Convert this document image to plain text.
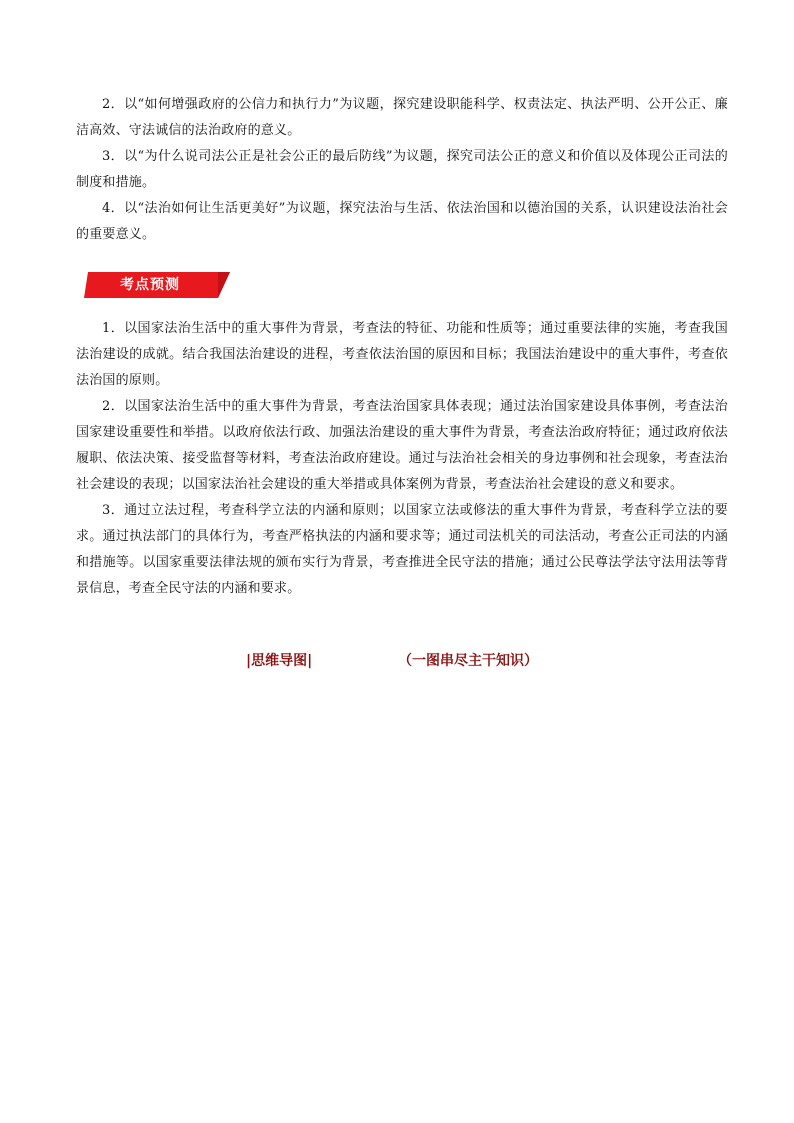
2．以“如何增强政府的公信力和执行力”为议题，探究建设职能科学、权责法定、执法严明、公开公正、廉洁高效、守法诚信的法治政府的意义。

3．以“为什么说司法公正是社会公正的最后防线”为议题，探究司法公正的意义和价值以及体现公正司法的制度和措施。

4．以“法治如何让生活更美好”为议题，探究法治与生活、依法治国和以德治国的关系，认识建设法治社会的重要意义。

考点预测

1．以国家法治生活中的重大事件为背景，考查法的特征、功能和性质等；通过重要法律的实施，考查我国法治建设的成就。结合我国法治建设的进程，考查依法治国的原因和目标；我国法治建设中的重大事件，考查依法治国的原则。

2．以国家法治生活中的重大事件为背景，考查法治国家具体表现；通过法治国家建设具体事例，考查法治国家建设重要性和举措。以政府依法行政、加强法治建设的重大事件为背景，考查法治政府特征；通过政府依法履职、依法决策、接受监督等材料，考查法治政府建设。通过与法治社会相关的身边事例和社会现象，考查法治社会建设的表现；以国家法治社会建设的重大举措或具体案例为背景，考查法治社会建设的意义和要求。

3．通过立法过程，考查科学立法的内涵和原则；以国家立法或修法的重大事件为背景，考查科学立法的要求。通过执法部门的具体行为，考查严格执法的内涵和要求等；通过司法机关的司法活动，考查公正司法的内涵和措施等。以国家重要法律法规的颁布实行为背景，考查推进全民守法的措施；通过公民尊法学法守法用法等背景信息，考查全民守法的内涵和要求。

|思维导图|	（一图串尽主干知识）
